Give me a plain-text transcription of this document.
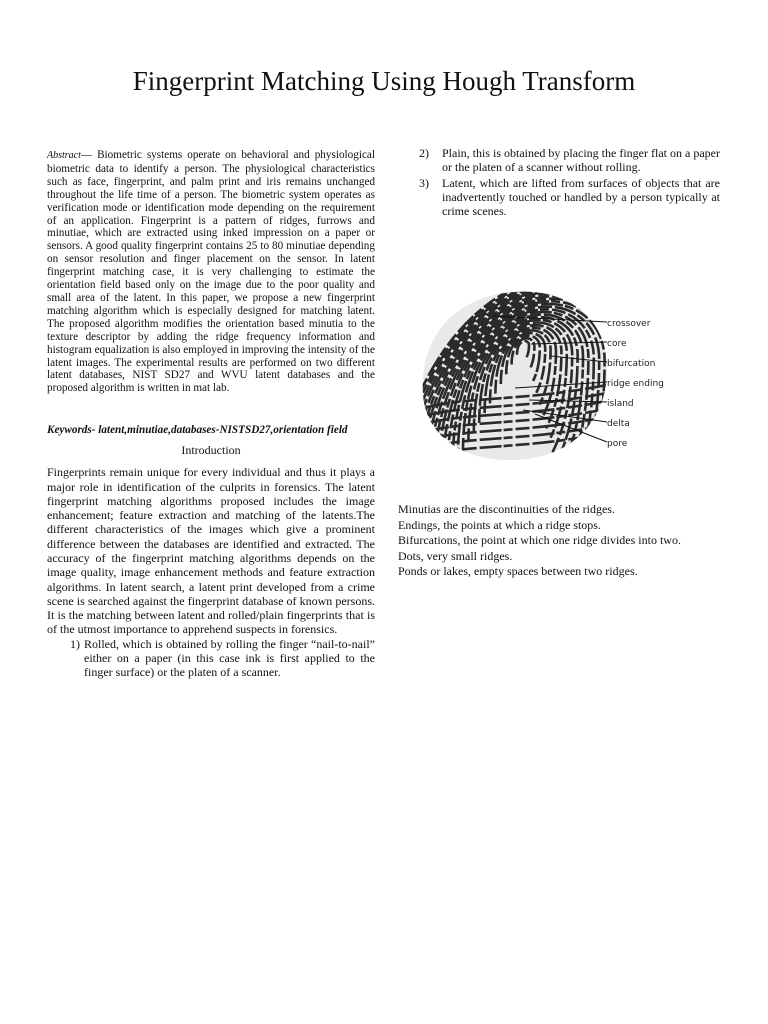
Fingerprint Matching Using Hough Transform

Abstract— Biometric systems operate on behavioral and physiological biometric data to identify a person. The physiological characteristics such as face, fingerprint, and palm print and iris remains unchanged throughout the life time of a person. The biometric system operates as verification mode or identification mode depending on the requirement of an application. Fingerprint is a pattern of ridges, furrows and minutiae, which are extracted using inked impression on a paper or sensors. A good quality fingerprint contains 25 to 80 minutiae depending on sensor resolution and finger placement on the sensor. In latent fingerprint matching case, it is very challenging to estimate the orientation field based only on the image due to the poor quality and small area of the latent. In this paper, we propose a new fingerprint matching algorithm which is especially designed for matching latent. The proposed algorithm modifies the orientation based minutia to the texture descriptor by adding the ridge frequency information and histogram equalization is also employed in improving the intensity of the latent images. The experimental results are performed on two different latent databases, NIST SD27 and WVU latent databases and the proposed algorithm is written in mat lab.

Keywords- latent,minutiae,databases-NISTSD27,orientation field

Introduction

Fingerprints remain unique for every individual and thus it plays a major role in identification of the culprits in forensics. The latent fingerprint matching algorithms proposed includes the image enhancement; feature extraction and matching of the latents.The different characteristics of the images which give a prominent difference between the databases are identified and extracted. The accuracy of the fingerprint matching algorithms depends on the image quality, image enhancement methods and feature extraction algorithms. In latent search, a latent print developed from a crime scene is searched against the fingerprint database of known persons. It is the matching between latent and rolled/plain fingerprints that is of the utmost importance to apprehend suspects in forensics.

1) Rolled, which is obtained by rolling the finger “nail-to-nail” either on a paper (in this case ink is first applied to the finger surface) or the platen of a scanner.
2) Plain, this is obtained by placing the finger flat on a paper or the platen of a scanner without rolling.
3) Latent, which are lifted from surfaces of objects that are inadvertently touched or handled by a person typically at crime scenes.
crossover
core
bifurcation
ridge ending
island
delta
pore
Minutias are the discontinuities of the ridges.
Endings, the points at which a ridge stops.
Bifurcations, the point at which one ridge divides into two.
Dots, very small ridges.
Ponds or lakes, empty spaces between two ridges.
